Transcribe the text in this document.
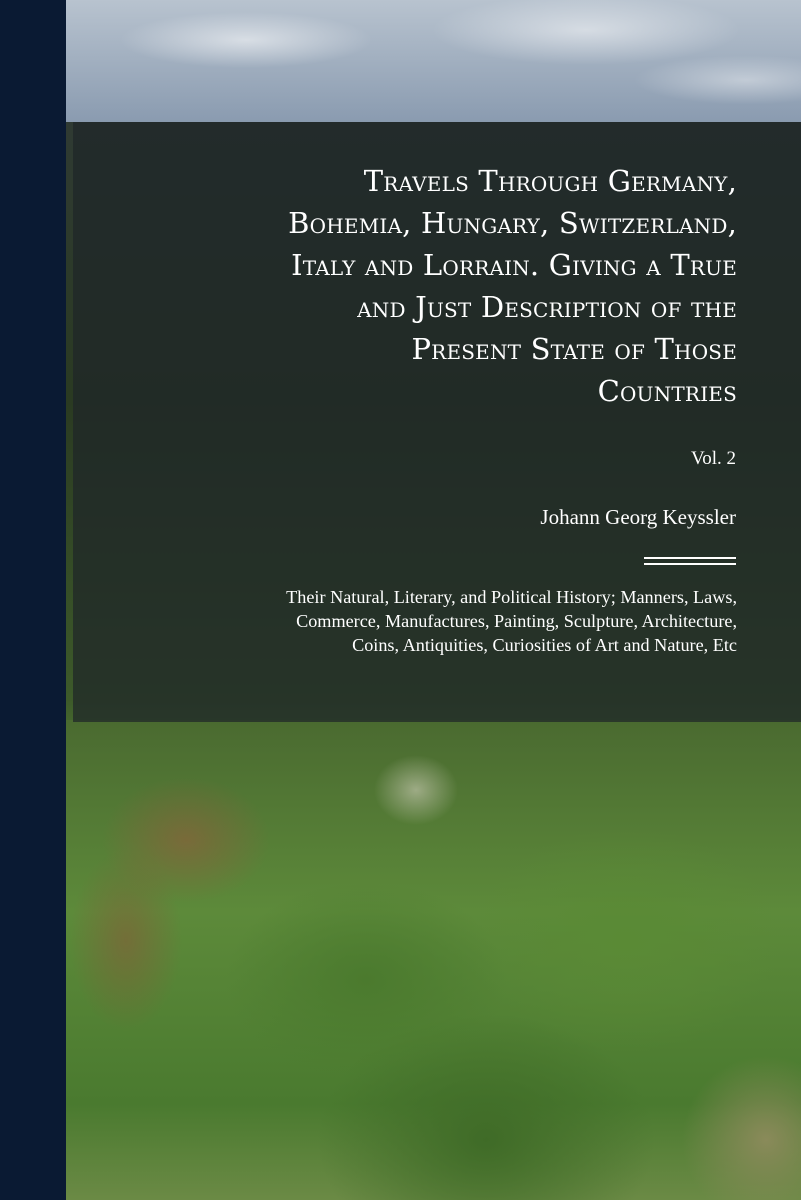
Travels Through Germany,
Bohemia, Hungary, Switzerland,
Italy and Lorrain. Giving a True
and Just Description of the
Present State of Those
Countries
Vol. 2
Johann Georg Keyssler
Their Natural, Literary, and Political History; Manners, Laws,
Commerce, Manufactures, Painting, Sculpture, Architecture,
Coins, Antiquities, Curiosities of Art and Nature, Etc
